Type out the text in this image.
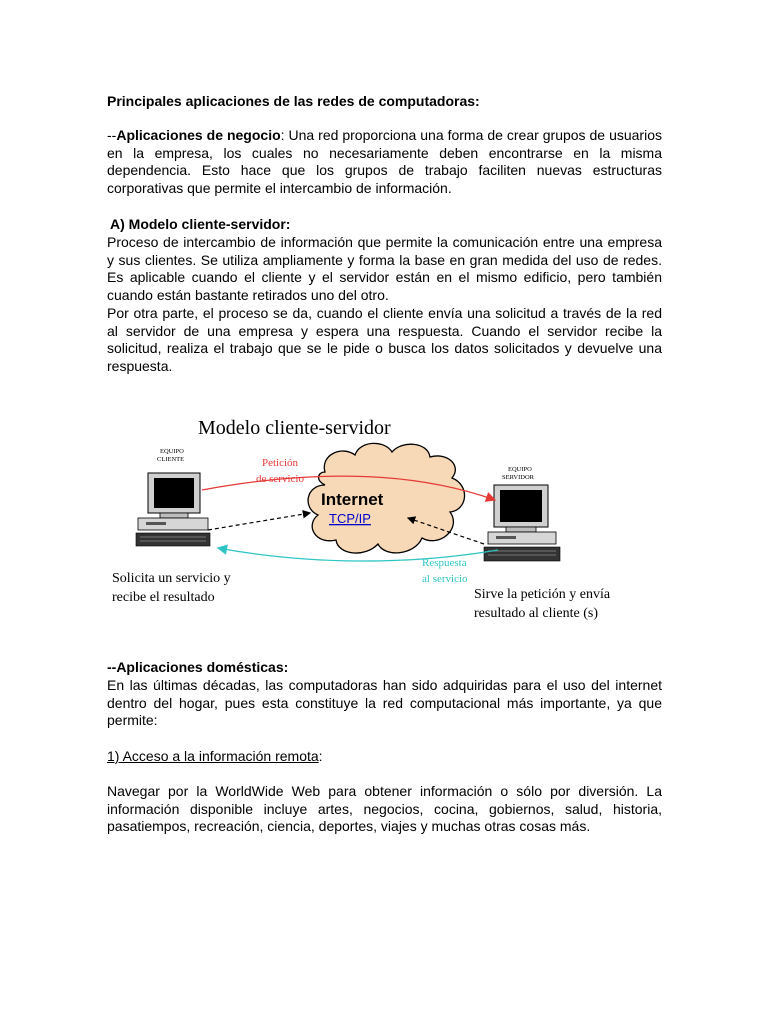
Principales aplicaciones de las redes de computadoras:
--Aplicaciones de negocio: Una red proporciona una forma de crear grupos de usuarios en la empresa, los cuales no necesariamente deben encontrarse en la misma dependencia. Esto hace que los grupos de trabajo faciliten nuevas estructuras corporativas que permite el intercambio de información.
A) Modelo cliente-servidor:
Proceso de intercambio de información que permite la comunicación entre una empresa y sus clientes. Se utiliza ampliamente y forma la base en gran medida del uso de redes. Es aplicable cuando el cliente y el servidor están en el mismo edificio, pero también cuando están bastante retirados uno del otro.
Por otra parte, el proceso se da, cuando el cliente envía una solicitud a través de la red al servidor de una empresa y espera una respuesta. Cuando el servidor recibe la solicitud, realiza el trabajo que se le pide o busca los datos solicitados y devuelve una respuesta.
--Aplicaciones domésticas:
En las últimas décadas, las computadoras han sido adquiridas para el uso del internet dentro del hogar, pues esta constituye la red computacional más importante, ya que permite:
1) Acceso a la información remota:
Navegar por la WorldWide Web para obtener información o sólo por diversión. La información disponible incluye artes, negocios, cocina, gobiernos, salud, historia, pasatiempos, recreación, ciencia, deportes, viajes y muchas otras cosas más.
Modelo cliente-servidor
Internet
TCP/IP
EQUIPO
CLIENTE
EQUIPO
SERVIDOR
Petición
de servicio
Respuesta
al servicio
Solicita un servicio y
recibe el resultado	Sirve la petición y envía
resultado al cliente (s)
